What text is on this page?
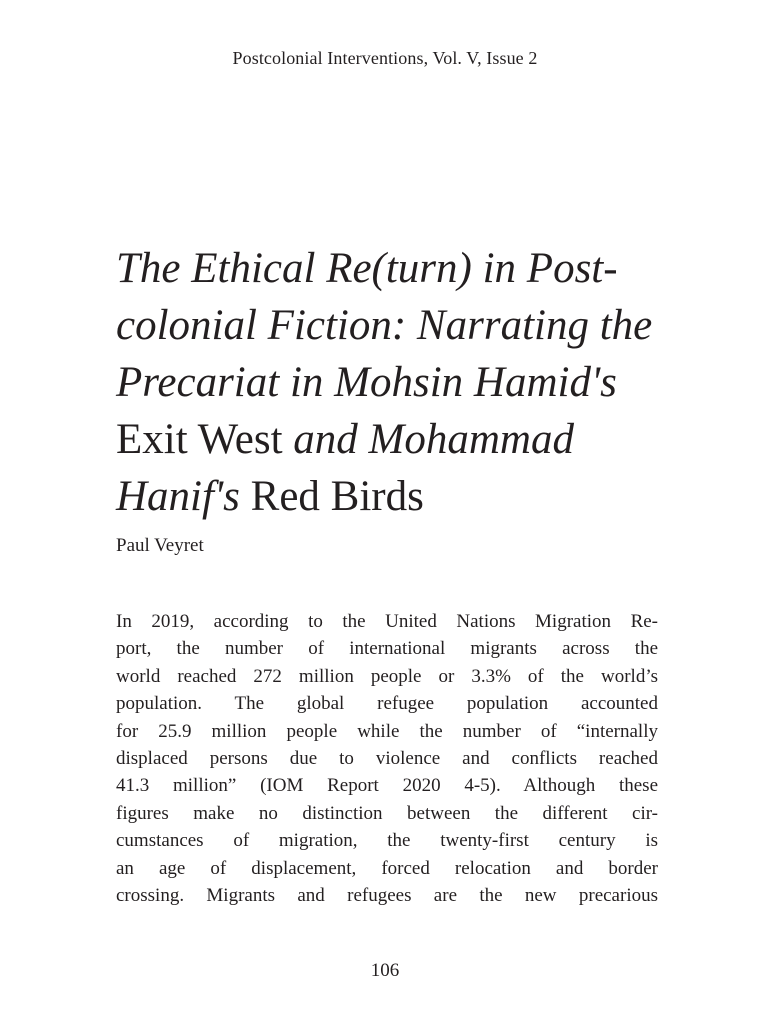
Postcolonial Interventions, Vol. V, Issue 2
The Ethical Re(turn) in Post-
colonial Fiction: Narrating the
Precariat in Mohsin Hamid's
Exit West and Mohammad
Hanif's Red Birds
Paul Veyret
In 2019, according to the United Nations Migration Re-
port, the number of international migrants across the
world reached 272 million people or 3.3% of the world’s
population. The global refugee population accounted
for 25.9 million people while the number of “internally
displaced persons due to violence and conflicts reached
41.3 million” (IOM Report 2020 4-5). Although these
figures make no distinction between the different cir-
cumstances of migration, the twenty-first century is
an age of displacement, forced relocation and border
crossing. Migrants and refugees are the new precarious
106
